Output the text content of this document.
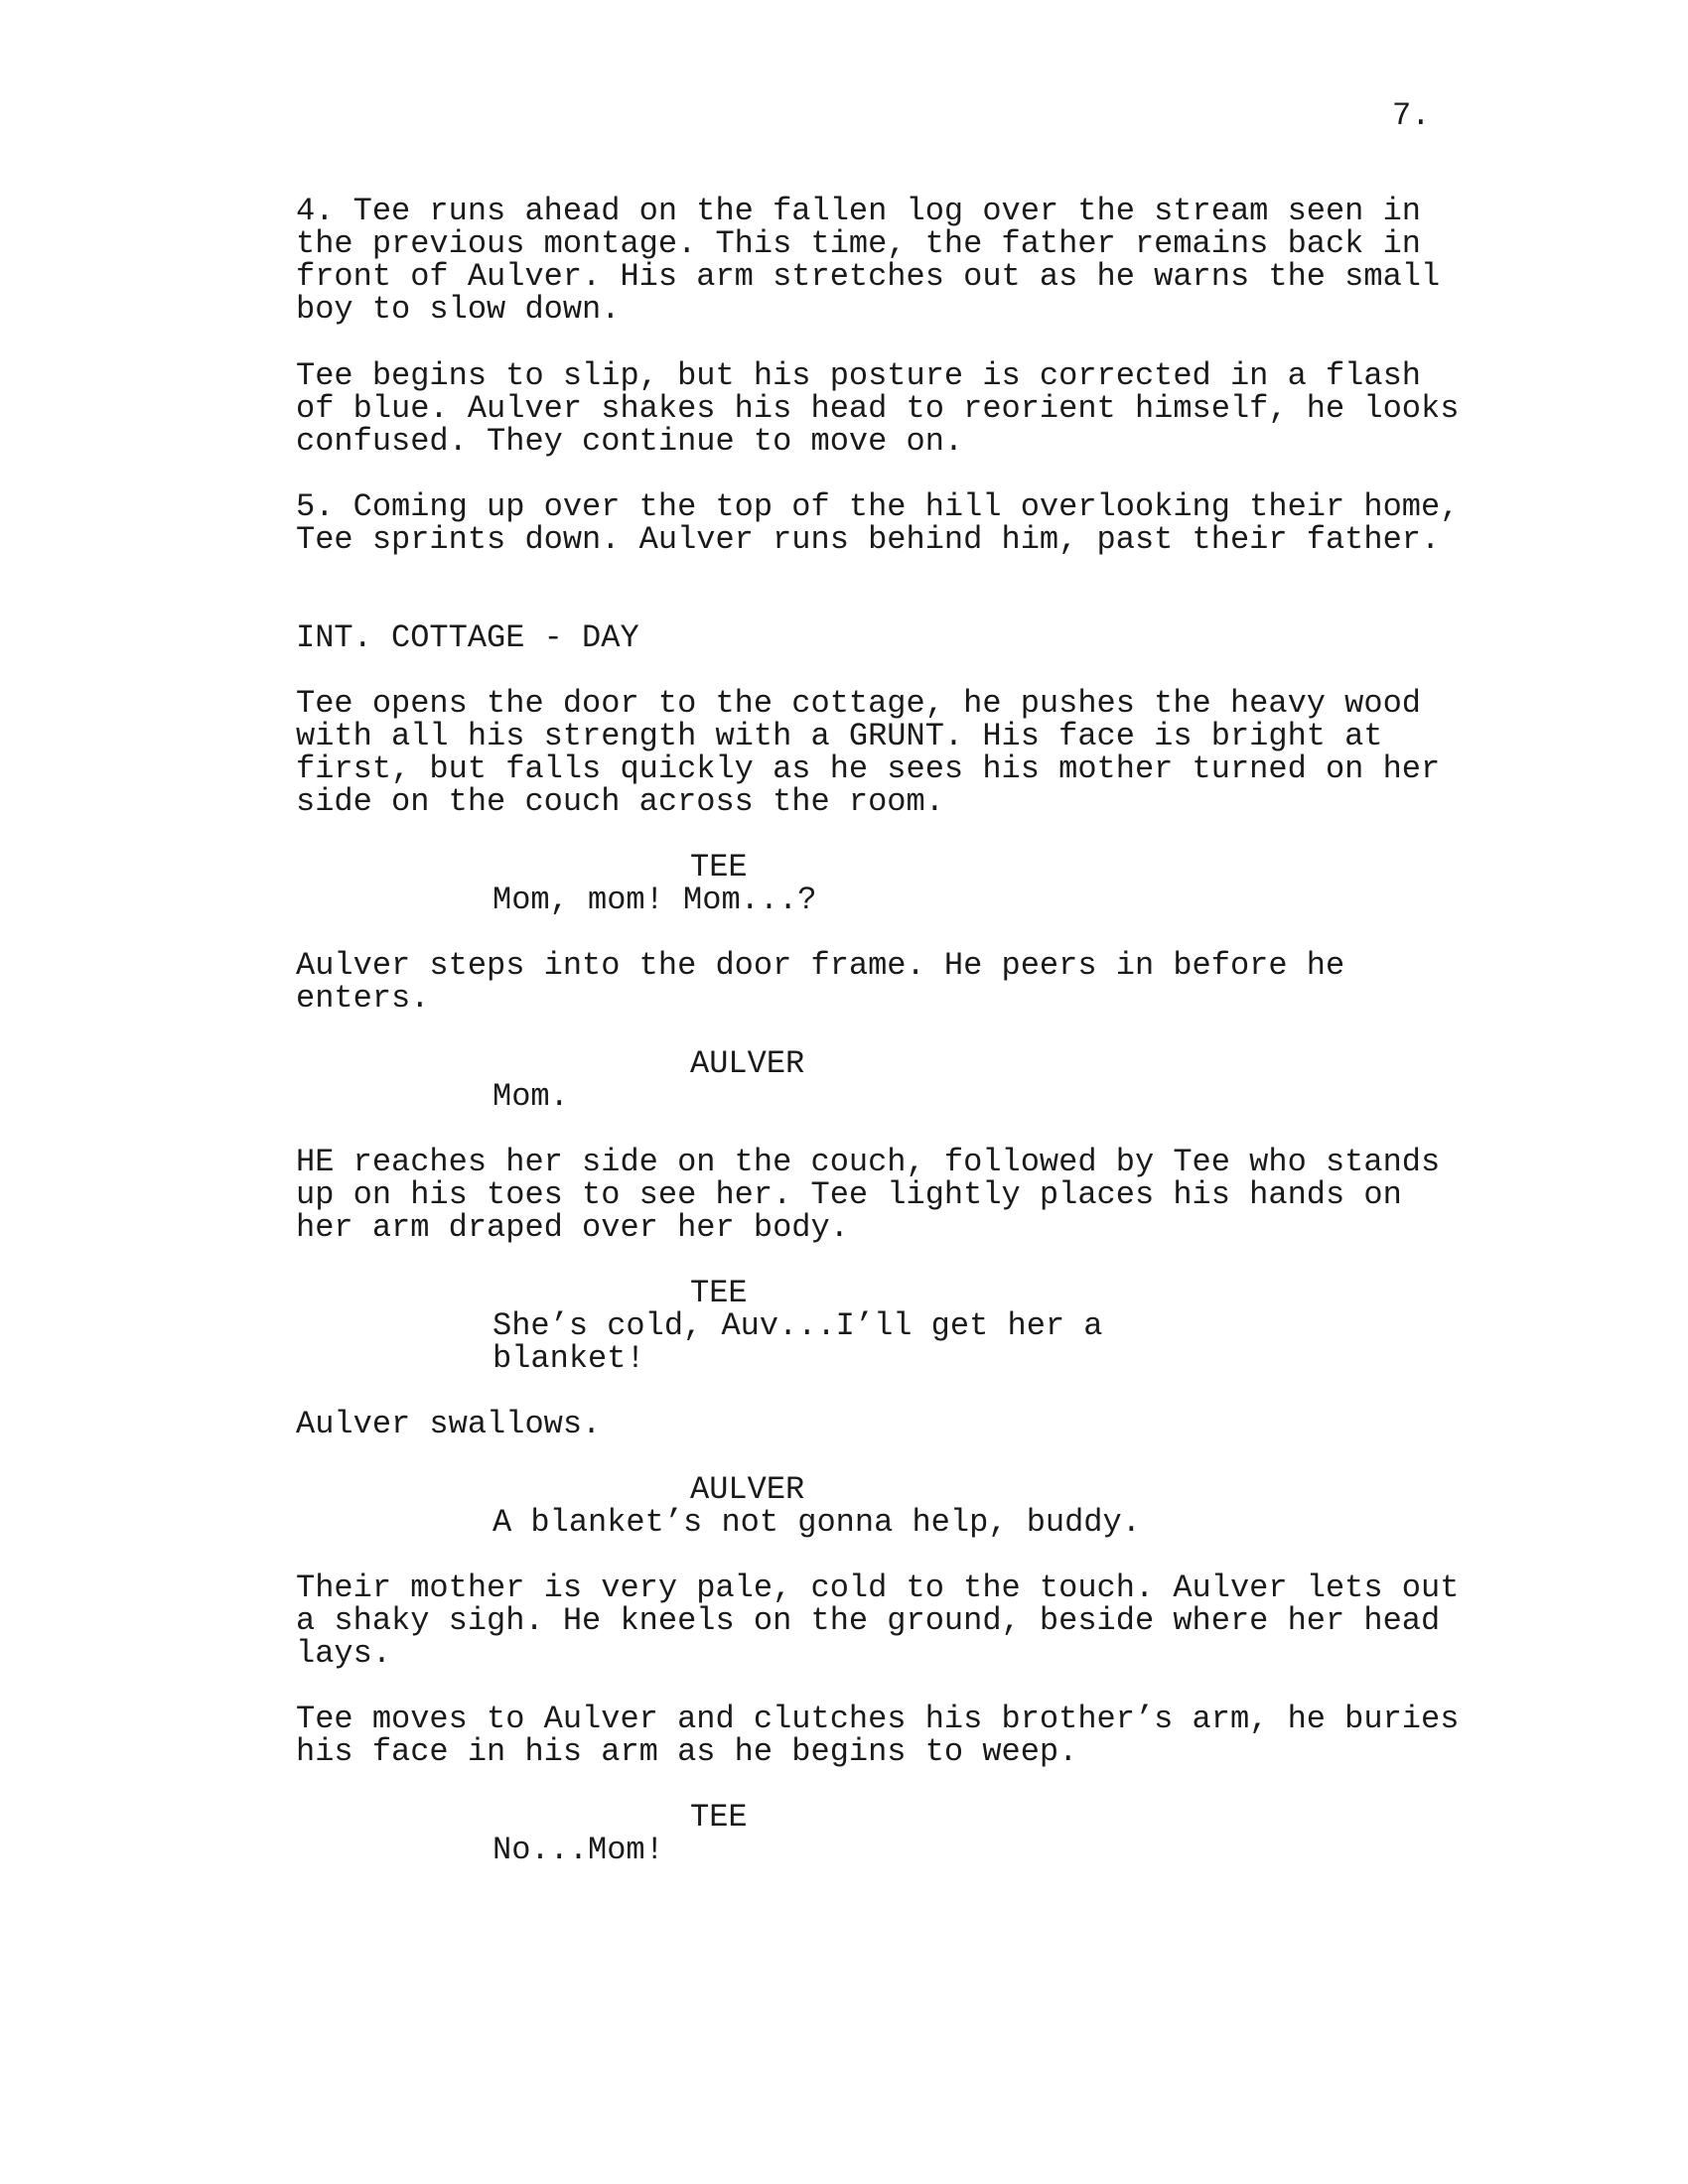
7.
4. Tee runs ahead on the fallen log over the stream seen in
the previous montage. This time, the father remains back in
front of Aulver. His arm stretches out as he warns the small
boy to slow down.
Tee begins to slip, but his posture is corrected in a flash
of blue. Aulver shakes his head to reorient himself, he looks
confused. They continue to move on.
5. Coming up over the top of the hill overlooking their home,
Tee sprints down. Aulver runs behind him, past their father.
INT. COTTAGE - DAY
Tee opens the door to the cottage, he pushes the heavy wood
with all his strength with a GRUNT. His face is bright at
first, but falls quickly as he sees his mother turned on her
side on the couch across the room.
TEE
Mom, mom! Mom...?
Aulver steps into the door frame. He peers in before he
enters.
AULVER
Mom.
HE reaches her side on the couch, followed by Tee who stands
up on his toes to see her. Tee lightly places his hands on
her arm draped over her body.
TEE
She’s cold, Auv...I’ll get her a
blanket!
Aulver swallows.
AULVER
A blanket’s not gonna help, buddy.
Their mother is very pale, cold to the touch. Aulver lets out
a shaky sigh. He kneels on the ground, beside where her head
lays.
Tee moves to Aulver and clutches his brother’s arm, he buries
his face in his arm as he begins to weep.
TEE
No...Mom!
